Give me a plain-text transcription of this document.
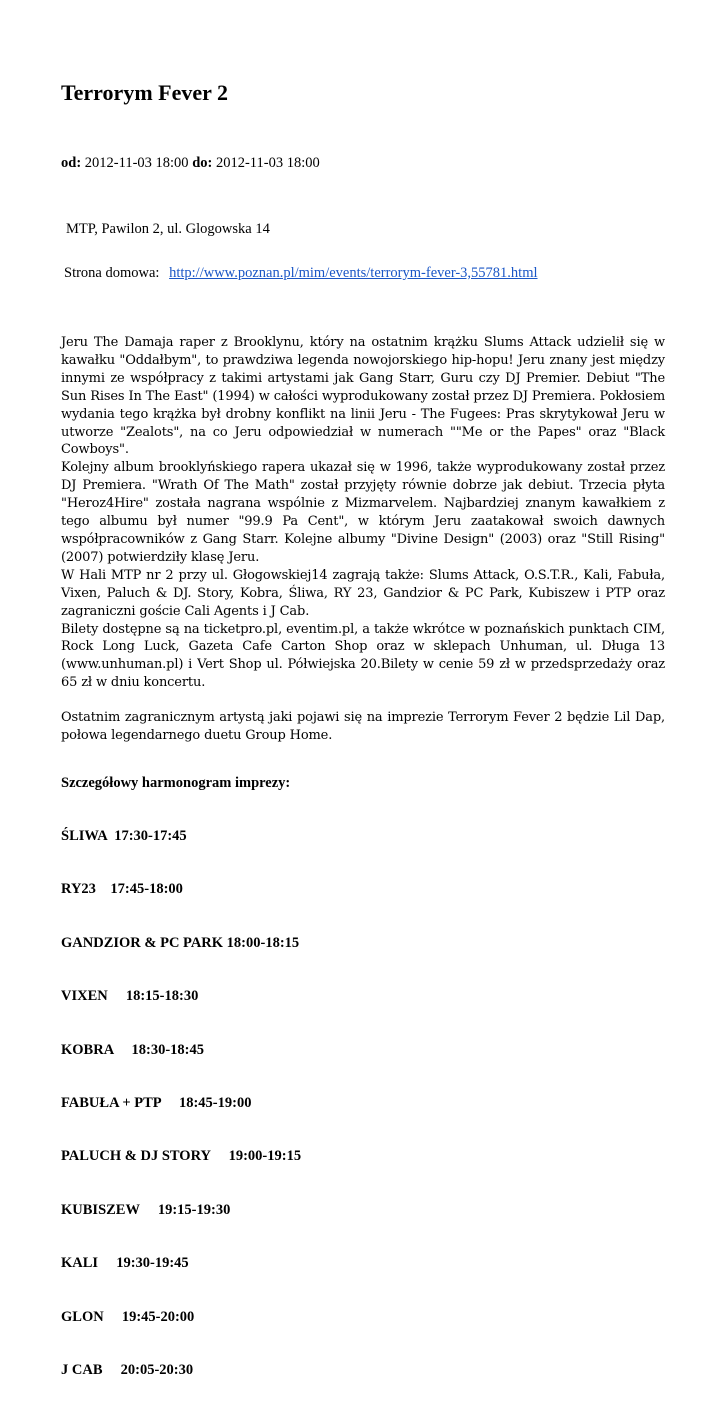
Terrorym Fever 2
od: 2012-11-03 18:00 do: 2012-11-03 18:00
MTP, Pawilon 2, ul. Glogowska 14
Strona domowa: http://www.poznan.pl/mim/events/terrorym-fever-3,55781.html

Jeru The Damaja raper z Brooklynu, który na ostatnim krążku Slums Attack udzielił się w kawałku "Oddałbym", to prawdziwa legenda nowojorskiego hip-hopu! Jeru znany jest między innymi ze współpracy z takimi artystami jak Gang Starr, Guru czy DJ Premier. Debiut "The Sun Rises In The East" (1994) w całości wyprodukowany został przez DJ Premiera. Pokłosiem wydania tego krążka był drobny konflikt na linii Jeru - The Fugees: Pras skrytykował Jeru w utworze "Zealots", na co Jeru odpowiedział w numerach ""Me or the Papes" oraz "Black Cowboys".

Kolejny album brooklyńskiego rapera ukazał się w 1996, także wyprodukowany został przez DJ Premiera. "Wrath Of The Math" został przyjęty równie dobrze jak debiut. Trzecia płyta "Heroz4Hire" została nagrana wspólnie z Mizmarvelem. Najbardziej znanym kawałkiem z tego albumu był numer "99.9 Pa Cent", w którym Jeru zaatakował swoich dawnych współpracowników z Gang Starr. Kolejne albumy "Divine Design" (2003) oraz "Still Rising" (2007) potwierdziły klasę Jeru.

W Hali MTP nr 2 przy ul. Głogowskiej14 zagrają także: Slums Attack, O.S.T.R., Kali, Fabuła, Vixen, Paluch & DJ. Story, Kobra, Śliwa, RY 23, Gandzior & PC Park, Kubiszew i PTP oraz zagraniczni goście Cali Agents i J Cab.

Bilety dostępne są na ticketpro.pl, eventim.pl, a także wkrótce w poznańskich punktach CIM, Rock Long Luck, Gazeta Cafe Carton Shop oraz w sklepach Unhuman, ul. Długa 13 (www.unhuman.pl) i Vert Shop ul. Półwiejska 20.Bilety w cenie 59 zł w przedsprzedaży oraz 65 zł w dniu koncertu.

Ostatnim zagranicznym artystą jaki pojawi się na imprezie Terrorym Fever 2 będzie Lil Dap, połowa legendarnego duetu Group Home.

Szczegółowy harmonogram imprezy:

ŚLIWA  17:30-17:45

RY23    17:45-18:00

GANDZIOR & PC PARK 18:00-18:15

VIXEN     18:15-18:30

KOBRA     18:30-18:45

FABUŁA + PTP     18:45-19:00

PALUCH & DJ STORY     19:00-19:15

KUBISZEW     19:15-19:30

KALI     19:30-19:45

GLON     19:45-20:00

J CAB     20:05-20:30
